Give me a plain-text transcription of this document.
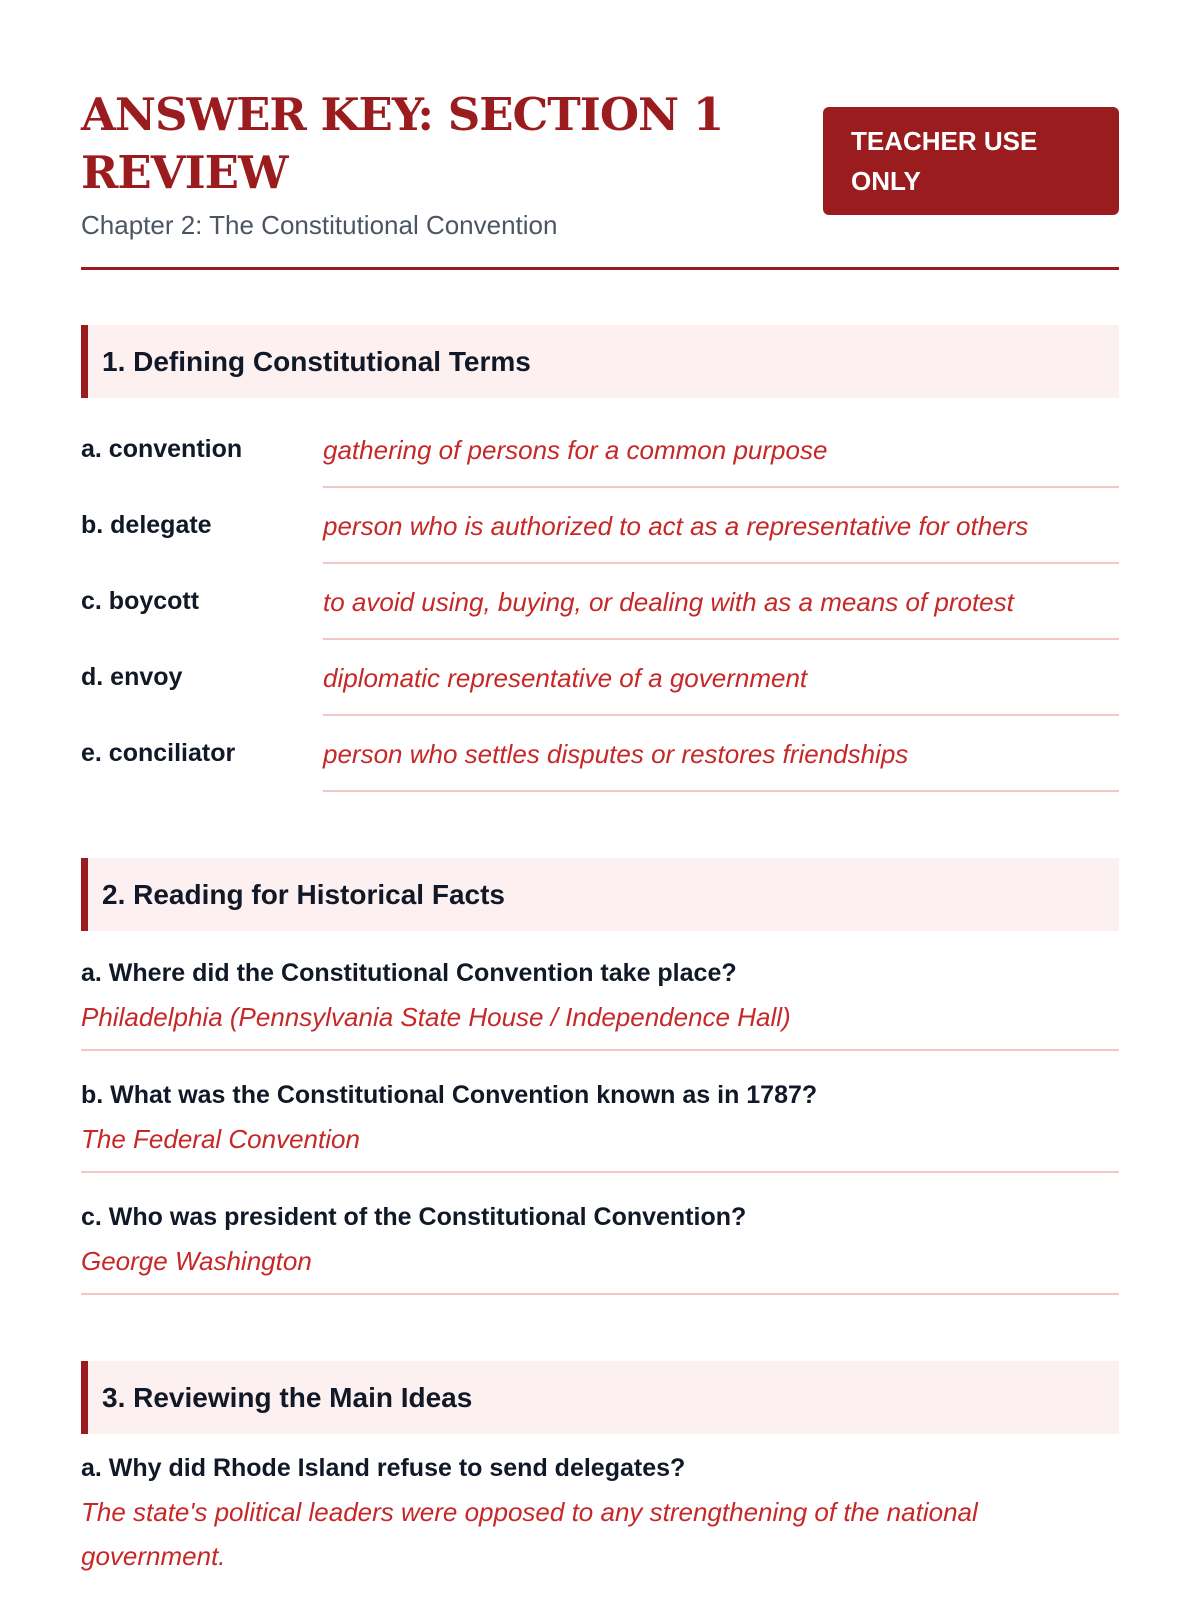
ANSWER KEY: SECTION 1 REVIEW
Chapter 2: The Constitutional Convention
TEACHER USE ONLY
1. Defining Constitutional Terms
a. convention	gathering of persons for a common purpose
b. delegate	person who is authorized to act as a representative for others
c. boycott	to avoid using, buying, or dealing with as a means of protest
d. envoy	diplomatic representative of a government
e. conciliator	person who settles disputes or restores friendships
2. Reading for Historical Facts
a. Where did the Constitutional Convention take place?
Philadelphia (Pennsylvania State House / Independence Hall)
b. What was the Constitutional Convention known as in 1787?
The Federal Convention
c. Who was president of the Constitutional Convention?
George Washington
3. Reviewing the Main Ideas
a. Why did Rhode Island refuse to send delegates?
The state's political leaders were opposed to any strengthening of the national government.
